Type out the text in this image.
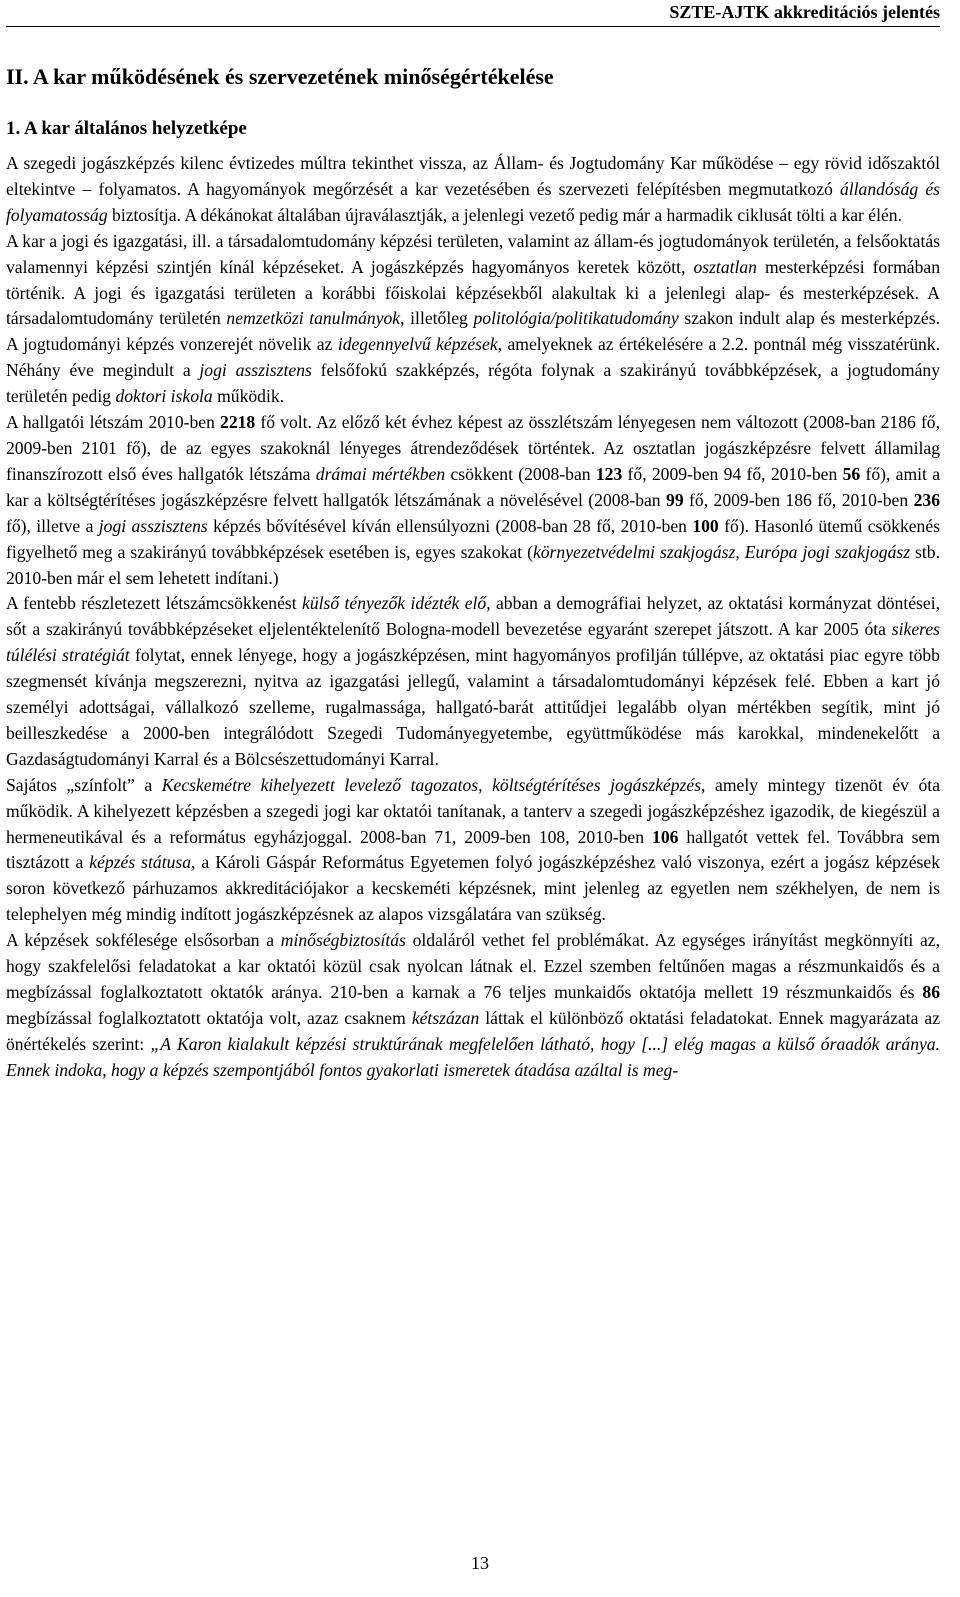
SZTE-AJTK akkreditációs jelentés
II. A kar működésének és szervezetének minőségértékelése
1. A kar általános helyzetképe

A szegedi jogászképzés kilenc évtizedes múltra tekinthet vissza, az Állam- és Jogtudomány Kar működése – egy rövid időszaktól eltekintve – folyamatos. A hagyományok megőrzését a kar vezetésében és szervezeti felépítésben megmutatkozó állandóság és folyamatosság biztosítja. A dékánokat általában újraválasztják, a jelenlegi vezető pedig már a harmadik ciklusát tölti a kar élén.

A kar a jogi és igazgatási, ill. a társadalomtudomány képzési területen, valamint az állam-és jogtudományok területén, a felsőoktatás valamennyi képzési szintjén kínál képzéseket. A jogászképzés hagyományos keretek között, osztatlan mesterképzési formában történik. A jogi és igazgatási területen a korábbi főiskolai képzésekből alakultak ki a jelenlegi alap- és mesterképzések. A társadalomtudomány területén nemzetközi tanulmányok, illetőleg politológia/politikatudomány szakon indult alap és mesterképzés. A jogtudományi képzés vonzerejét növelik az idegennyelvű képzések, amelyeknek az értékelésére a 2.2. pontnál még visszatérünk. Néhány éve megindult a jogi asszisztens felsőfokú szakképzés, régóta folynak a szakirányú továbbképzések, a jogtudomány területén pedig doktori iskola működik.

A hallgatói létszám 2010-ben 2218 fő volt. Az előző két évhez képest az összlétszám lényegesen nem változott (2008-ban 2186 fő, 2009-ben 2101 fő), de az egyes szakoknál lényeges átrendeződések történtek. Az osztatlan jogászképzésre felvett államilag finanszírozott első éves hallgatók létszáma drámai mértékben csökkent (2008-ban 123 fő, 2009-ben 94 fő, 2010-ben 56 fő), amit a kar a költségtérítéses jogászképzésre felvett hallgatók létszámának a növelésével (2008-ban 99 fő, 2009-ben 186 fő, 2010-ben 236 fő), illetve a jogi asszisztens képzés bővítésével kíván ellensúlyozni (2008-ban 28 fő, 2010-ben 100 fő). Hasonló ütemű csökkenés figyelhető meg a szakirányú továbbképzések esetében is, egyes szakokat (környezetvédelmi szakjogász, Európa jogi szakjogász stb. 2010-ben már el sem lehetett indítani.)

A fentebb részletezett létszámcsökkenést külső tényezők idézték elő, abban a demográfiai helyzet, az oktatási kormányzat döntései, sőt a szakirányú továbbképzéseket eljelentéktelenítő Bologna-modell bevezetése egyaránt szerepet játszott. A kar 2005 óta sikeres túlélési stratégiát folytat, ennek lényege, hogy a jogászképzésen, mint hagyományos profilján túllépve, az oktatási piac egyre több szegmensét kívánja megszerezni, nyitva az igazgatási jellegű, valamint a társadalomtudományi képzések felé. Ebben a kart jó személyi adottságai, vállalkozó szelleme, rugalmassága, hallgató-barát attitűdjei legalább olyan mértékben segítik, mint jó beilleszkedése a 2000-ben integrálódott Szegedi Tudományegyetembe, együttműködése más karokkal, mindenekelőtt a Gazdaságtudományi Karral és a Bölcsészettudományi Karral.

Sajátos „színfolt” a Kecskemétre kihelyezett levelező tagozatos, költségtérítéses jogászképzés, amely mintegy tizenöt év óta működik. A kihelyezett képzésben a szegedi jogi kar oktatói tanítanak, a tanterv a szegedi jogászképzéshez igazodik, de kiegészül a hermeneutikával és a református egyházjoggal. 2008-ban 71, 2009-ben 108, 2010-ben 106 hallgatót vettek fel. Továbbra sem tisztázott a képzés státusa, a Károli Gáspár Református Egyetemen folyó jogászképzéshez való viszonya, ezért a jogász képzések soron következő párhuzamos akkreditációjakor a kecskeméti képzésnek, mint jelenleg az egyetlen nem székhelyen, de nem is telephelyen még mindig indított jogászképzésnek az alapos vizsgálatára van szükség.

A képzések sokfélesége elsősorban a minőségbiztosítás oldaláról vethet fel problémákat. Az egységes irányítást megkönnyíti az, hogy szakfelelősi feladatokat a kar oktatói közül csak nyolcan látnak el. Ezzel szemben feltűnően magas a részmunkaidős és a megbízással foglalkoztatott oktatók aránya. 210-ben a karnak a 76 teljes munkaidős oktatója mellett 19 részmunkaidős és 86 megbízással foglalkoztatott oktatója volt, azaz csaknem kétszázan láttak el különböző oktatási feladatokat. Ennek magyarázata az önértékelés szerint: „A Karon kialakult képzési struktúrának megfelelően látható, hogy [...] elég magas a külső óraadók aránya. Ennek indoka, hogy a képzés szempontjából fontos gyakorlati ismeretek átadása azáltal is meg-

13
